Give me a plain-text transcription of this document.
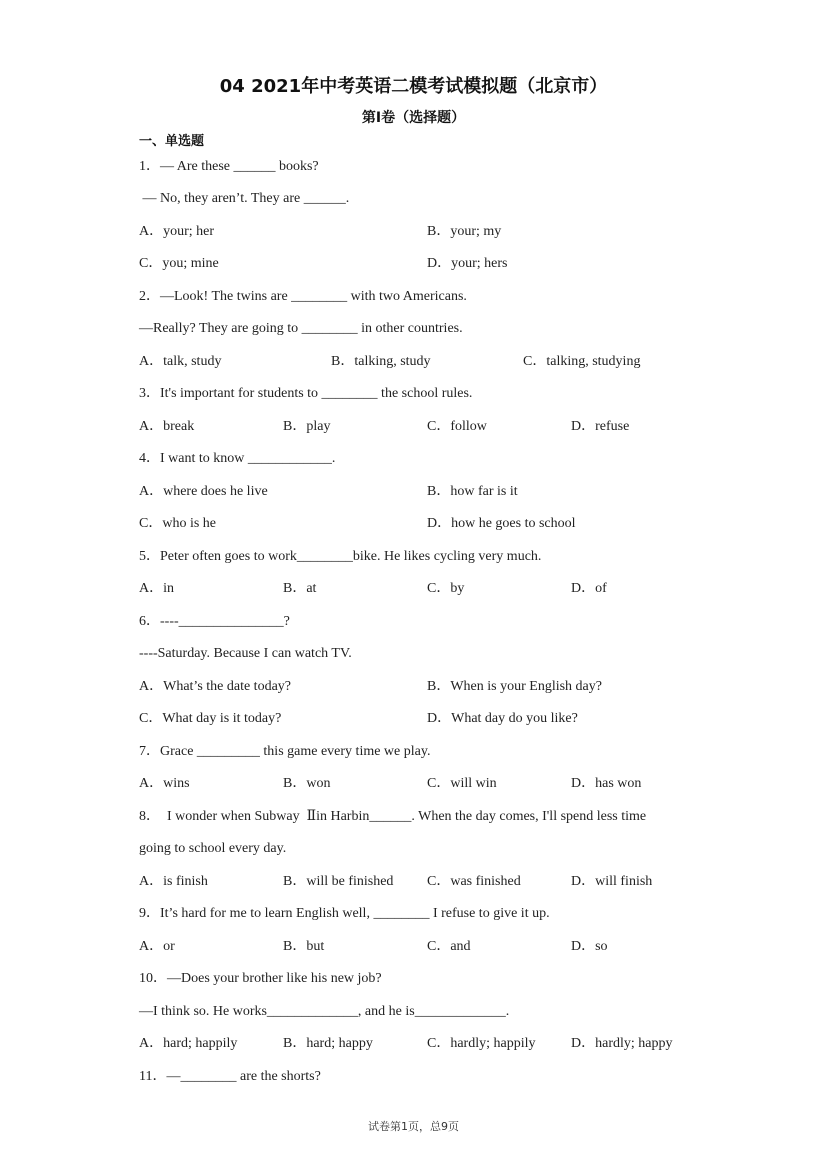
04 2021年中考英语二模考试模拟题（北京市）
第I卷（选择题）
一、单选题
1．— Are these ______ books?
— No, they aren’t. They are ______.
A．your; her	B．your; my
C．you; mine	D．your; hers
2．—Look! The twins are ________ with two Americans.
—Really? They are going to ________ in other countries.
A．talk, study	B．talking, study	C．talking, studying
3．It's important for students to ________ the school rules.
A．break	B．play	C．follow	D．refuse
4．I want to know ____________.
A．where does he live	B．how far is it
C．who is he	D．how he goes to school
5．Peter often goes to work________bike. He likes cycling very much.
A．in	B．at	C．by	D．of
6．----_______________?
----Saturday. Because I can watch TV.
A．What’s the date today?	B．When is your English day?
C．What day is it today?	D．What day do you like?
7．Grace _________ this game every time we play.
A．wins	B．won	C．will win	D．has won
8．  I wonder when Subway  Ⅱin Harbin______. When the day comes, I'll spend less time
going to school every day.
A．is finish	B．will be finished C．was finished	D．will finish
9．It’s hard for me to learn English well, ________ I refuse to give it up.
A．or	B．but	C．and	D．so
10．—Does your brother like his new job?
—I think so. He works_____________, and he is_____________.
A．hard; happily	B．hard; happy	C．hardly; happily	D．hardly; happy
11．—________ are the shorts?
试卷第1页，总9页
